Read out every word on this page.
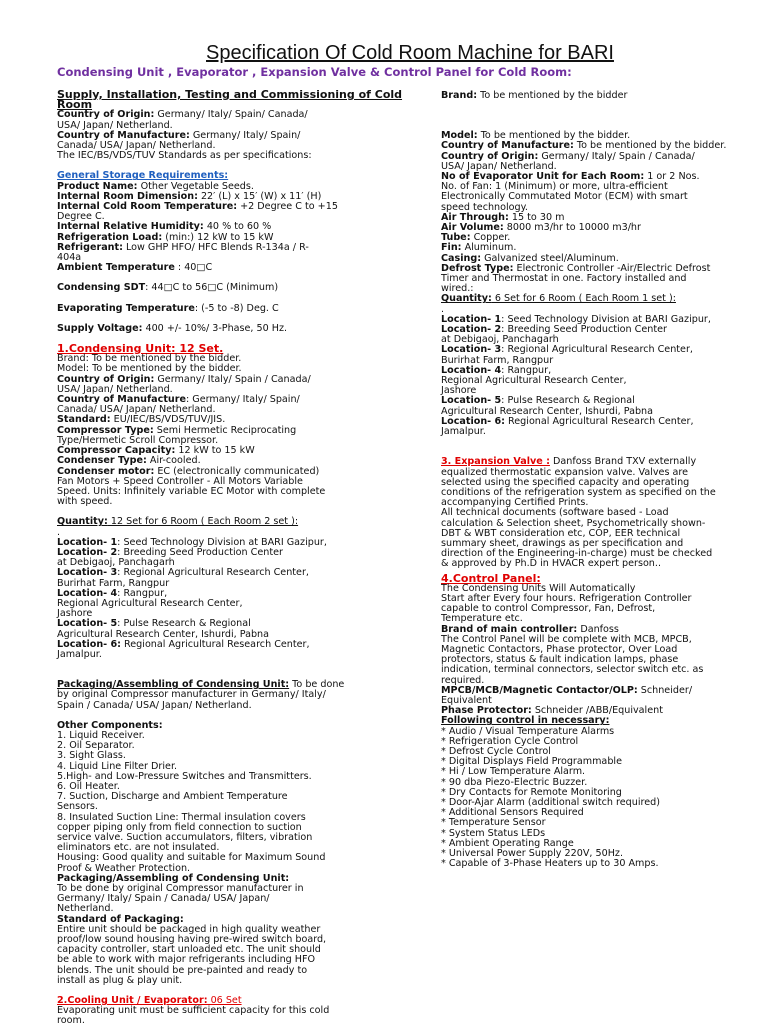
Specification Of Cold Room Machine for BARI
Condensing Unit , Evaporator , Expansion Valve & Control Panel for Cold Room:
Supply, Installation, Testing and Commissioning of Cold
Room
Country of Origin: Germany/ Italy/ Spain/ Canada/
USA/ Japan/ Netherland.
Country of Manufacture: Germany/ Italy/ Spain/
Canada/ USA/ Japan/ Netherland.
The IEC/BS/VDS/TUV Standards as per specifications:
General Storage Requirements:
Product Name: Other Vegetable Seeds.
Internal Room Dimension: 22′ (L) x 15′ (W) x 11′ (H)
Internal Cold Room Temperature: +2 Degree C to +15
Degree C.
Internal Relative Humidity: 40 % to 60 %
Refrigeration Load: (min:) 12 kW to 15 kW
Refrigerant: Low GHP HFO/ HFC Blends R-134a / R-
404a
Ambient Temperature : 40□C
Condensing SDT: 44□C to 56□C (Minimum)
Evaporating Temperature: (-5 to -8) Deg. C
Supply Voltage: 400 +/- 10%/ 3-Phase, 50 Hz.
1.Condensing Unit: 12 Set.
Brand: To be mentioned by the bidder.
Model: To be mentioned by the bidder.
Country of Origin: Germany/ Italy/ Spain / Canada/
USA/ Japan/ Netherland.
Country of Manufacture: Germany/ Italy/ Spain/
Canada/ USA/ Japan/ Netherland.
Standard: EU/IEC/BS/VDS/TUV/JIS.
Compressor Type: Semi Hermetic Reciprocating
Type/Hermetic Scroll Compressor.
Compressor Capacity: 12 kW to 15 kW
Condenser Type: Air-cooled.
Condenser motor: EC (electronically communicated)
Fan Motors + Speed Controller - All Motors Variable
Speed. Units: Infinitely variable EC Motor with complete
with speed.
Quantity: 12 Set for 6 Room ( Each Room 2 set ):
.
Location- 1: Seed Technology Division at BARI Gazipur,
Location- 2: Breeding Seed Production Center
at Debigaoj, Panchagarh
Location- 3: Regional Agricultural Research Center,
Burirhat Farm, Rangpur
Location- 4: Rangpur,
Regional Agricultural Research Center,
Jashore
Location- 5: Pulse Research & Regional
Agricultural Research Center, Ishurdi, Pabna
Location- 6: Regional Agricultural Research Center,
Jamalpur.
Packaging/Assembling of Condensing Unit: To be done
by original Compressor manufacturer in Germany/ Italy/
Spain / Canada/ USA/ Japan/ Netherland.
Other Components:
1. Liquid Receiver.
2. Oil Separator.
3. Sight Glass.
4. Liquid Line Filter Drier.
5.High- and Low-Pressure Switches and Transmitters.
6. Oil Heater.
7. Suction, Discharge and Ambient Temperature
Sensors.
8. Insulated Suction Line: Thermal insulation covers
copper piping only from field connection to suction
service valve. Suction accumulators, filters, vibration
eliminators etc. are not insulated.
Housing: Good quality and suitable for Maximum Sound
Proof & Weather Protection.
Packaging/Assembling of Condensing Unit:
To be done by original Compressor manufacturer in
Germany/ Italy/ Spain / Canada/ USA/ Japan/
Netherland.
Standard of Packaging:
Entire unit should be packaged in high quality weather
proof/low sound housing having pre-wired switch board,
capacity controller, start unloaded etc. The unit should
be able to work with major refrigerants including HFO
blends. The unit should be pre-painted and ready to
install as plug & play unit.
2.Cooling Unit / Evaporator: 06 Set
Evaporating unit must be sufficient capacity for this cold
room.
Brand: To be mentioned by the bidder
Model: To be mentioned by the bidder.
Country of Manufacture: To be mentioned by the bidder.
Country of Origin: Germany/ Italy/ Spain / Canada/
USA/ Japan/ Netherland.
No of Evaporator Unit for Each Room: 1 or 2 Nos.
No. of Fan: 1 (Minimum) or more, ultra-efficient
Electronically Commutated Motor (ECM) with smart
speed technology.
Air Through: 15 to 30 m
Air Volume: 8000 m3/hr to 10000 m3/hr
Tube: Copper.
Fin: Aluminum.
Casing: Galvanized steel/Aluminum.
Defrost Type: Electronic Controller -Air/Electric Defrost
Timer and Thermostat in one. Factory installed and
wired.:
Quantity: 6 Set for 6 Room ( Each Room 1 set ):
.
Location- 1: Seed Technology Division at BARI Gazipur,
Location- 2: Breeding Seed Production Center
at Debigaoj, Panchagarh
Location- 3: Regional Agricultural Research Center,
Burirhat Farm, Rangpur
Location- 4: Rangpur,
Regional Agricultural Research Center,
Jashore
Location- 5: Pulse Research & Regional
Agricultural Research Center, Ishurdi, Pabna
Location- 6: Regional Agricultural Research Center,
Jamalpur.
3. Expansion Valve : Danfoss Brand TXV externally
equalized thermostatic expansion valve. Valves are
selected using the specified capacity and operating
conditions of the refrigeration system as specified on the
accompanying Certified Prints.
All technical documents (software based - Load
calculation & Selection sheet, Psychometrically shown-
DBT & WBT consideration etc, COP, EER technical
summary sheet, drawings as per specification and
direction of the Engineering-in-charge) must be checked
& approved by Ph.D in HVACR expert person..
4.Control Panel:
The Condensing Units Will Automatically
Start after Every four hours. Refrigeration Controller
capable to control Compressor, Fan, Defrost,
Temperature etc.
Brand of main controller: Danfoss
The Control Panel will be complete with MCB, MPCB,
Magnetic Contactors, Phase protector, Over Load
protectors, status & fault indication lamps, phase
indication, terminal connectors, selector switch etc. as
required.
MPCB/MCB/Magnetic Contactor/OLP: Schneider/
Equivalent
Phase Protector: Schneider /ABB/Equivalent
Following control in necessary:
* Audio / Visual Temperature Alarms
* Refrigeration Cycle Control
* Defrost Cycle Control
* Digital Displays Field Programmable
* Hi / Low Temperature Alarm.
* 90 dba Piezo-Electric Buzzer.
* Dry Contacts for Remote Monitoring
* Door-Ajar Alarm (additional switch required)
* Additional Sensors Required
* Temperature Sensor
* System Status LEDs
* Ambient Operating Range
* Universal Power Supply 220V, 50Hz.
* Capable of 3-Phase Heaters up to 30 Amps.
